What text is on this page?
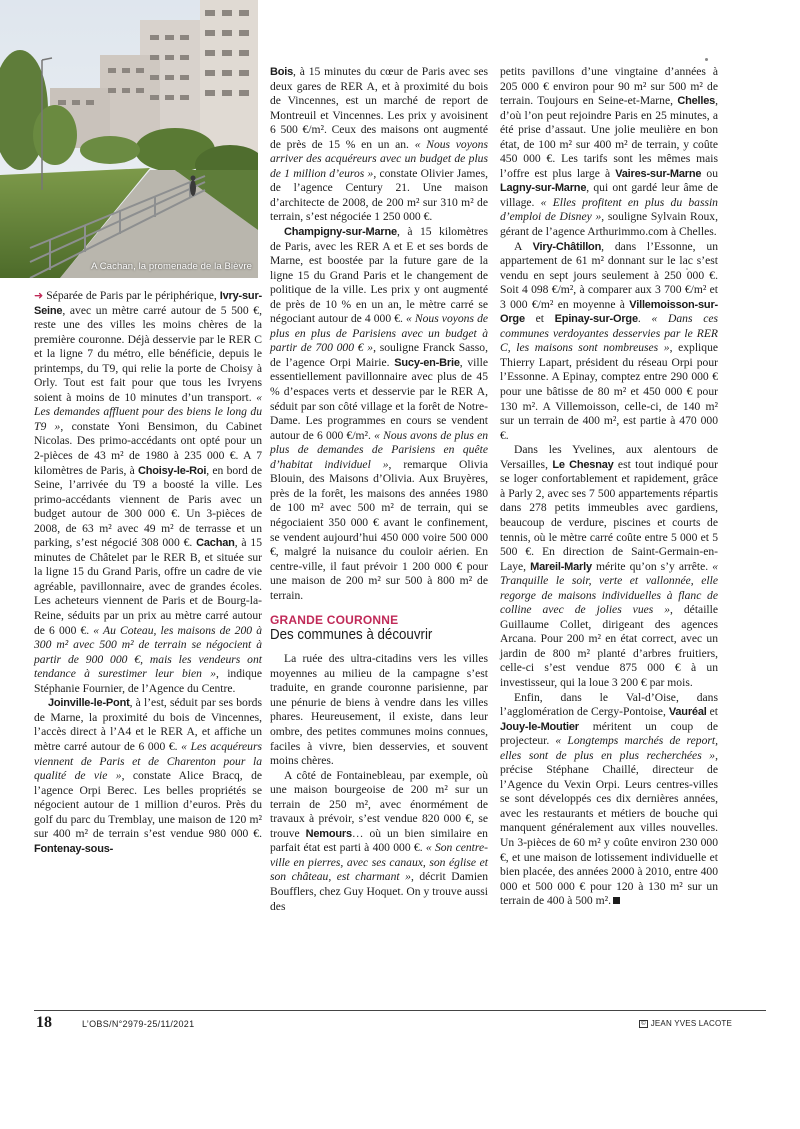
A Cachan, la promenade de la Bièvre

➜ Séparée de Paris par le périphérique, Ivry-sur-Seine, avec un mètre carré autour de 5 500 €, reste une des villes les moins chères de la première couronne. Déjà desservie par le RER C et la ligne 7 du métro, elle bénéficie, depuis le printemps, du T9, qui relie la porte de Choisy à Orly. Tout est fait pour que tous les Ivryens soient à moins de 10 minutes d’un transport. « Les demandes affluent pour des biens le long du T9 », constate Yoni Bensimon, du Cabinet Nicolas. Des primo-accédants ont opté pour un 2-pièces de 43 m² de 1980 à 235 000 €. A 7 kilomètres de Paris, à Choisy-le-Roi, en bord de Seine, l’arrivée du T9 a boosté la ville. Les primo-accédants viennent de Paris avec un budget autour de 300 000 €. Un 3-pièces de 2008, de 63 m² avec 49 m² de terrasse et un parking, s’est négocié 308 000 €. Cachan, à 15 minutes de Châtelet par le RER B, et située sur la ligne 15 du Grand Paris, offre un cadre de vie agréable, pavillonnaire, avec de grandes écoles. Les acheteurs viennent de Paris et de Bourg-la-Reine, séduits par un prix au mètre carré autour de 6 000 €. « Au Coteau, les maisons de 200 à 300 m² avec 500 m² de terrain se négocient à partir de 900 000 €, mais les vendeurs ont tendance à surestimer leur bien », indique Stéphanie Fournier, de l’Agence du Centre.

Joinville-le-Pont, à l’est, séduit par ses bords de Marne, la proximité du bois de Vincennes, l’accès direct à l’A4 et le RER A, et affiche un mètre carré autour de 6 000 €. « Les acquéreurs viennent de Paris et de Charenton pour la qualité de vie », constate Alice Bracq, de l’agence Orpi Berec. Les belles propriétés se négocient autour de 1 million d’euros. Près du golf du parc du Tremblay, une maison de 120 m² sur 400 m² de terrain s’est vendue 980 000 €. Fontenay-sous-

Bois, à 15 minutes du cœur de Paris avec ses deux gares de RER A, et à proximité du bois de Vincennes, est un marché de report de Montreuil et Vincennes. Les prix y avoisinent 6 500 €/m². Ceux des maisons ont augmenté de près de 15 % en un an. « Nous voyons arriver des acquéreurs avec un budget de plus de 1 million d’euros », constate Olivier James, de l’agence Century 21. Une maison d’architecte de 2008, de 200 m² sur 310 m² de terrain, s’est négociée 1 250 000 €.

Champigny-sur-Marne, à 15 kilomètres de Paris, avec les RER A et E et ses bords de Marne, est boostée par la future gare de la ligne 15 du Grand Paris et le changement de politique de la ville. Les prix y ont augmenté de près de 10 % en un an, le mètre carré se négociant autour de 4 000 €. « Nous voyons de plus en plus de Parisiens avec un budget à partir de 700 000 € », souligne Franck Sasso, de l’agence Orpi Mairie. Sucy-en-Brie, ville essentiellement pavillonnaire avec plus de 45 % d’espaces verts et desservie par le RER A, séduit par son côté village et la forêt de Notre-Dame. Les programmes en cours se vendent autour de 6 000 €/m². « Nous avons de plus en plus de demandes de Parisiens en quête d’habitat individuel », remarque Olivia Blouin, des Maisons d’Olivia. Aux Bruyères, près de la forêt, les maisons des années 1980 de 100 m² avec 500 m² de terrain, qui se négociaient 350 000 € avant le confinement, se vendent aujourd’hui 450 000 voire 500 000 €, malgré la nuisance du couloir aérien. En centre-ville, il faut prévoir 1 200 000 € pour une maison de 200 m² sur 500 à 800 m² de terrain.

GRANDE COURONNE
Des communes à découvrir

La ruée des ultra-citadins vers les villes moyennes au milieu de la campagne s’est traduite, en grande couronne parisienne, par une pénurie de biens à vendre dans les villes phares. Heureusement, il existe, dans leur ombre, des petites communes moins connues, faciles à vivre, bien desservies, et souvent moins chères.

A côté de Fontainebleau, par exemple, où une maison bourgeoise de 200 m² sur un terrain de 250 m², avec énormément de travaux à prévoir, s’est vendue 820 000 €, se trouve Nemours… où un bien similaire en parfait état est parti à 400 000 €. « Son centre-ville en pierres, avec ses canaux, son église et son château, est charmant », décrit Damien Boufflers, chez Guy Hoquet. On y trouve aussi des

petits pavillons d’une vingtaine d’années à 205 000 € environ pour 90 m² sur 500 m² de terrain. Toujours en Seine-et-Marne, Chelles, d’où l’on peut rejoindre Paris en 25 minutes, a été prise d’assaut. Une jolie meulière en bon état, de 100 m² sur 400 m² de terrain, y coûte 450 000 €. Les tarifs sont les mêmes mais l’offre est plus large à Vaires-sur-Marne ou Lagny-sur-Marne, qui ont gardé leur âme de village. « Elles profitent en plus du bassin d’emploi de Disney », souligne Sylvain Roux, gérant de l’agence Arthurimmo.com à Chelles.

A Viry-Châtillon, dans l’Essonne, un appartement de 61 m² donnant sur le lac s’est vendu en sept jours seulement à 250 000 €. Soit 4 098 €/m², à comparer aux 3 700 €/m² et 3 000 €/m² en moyenne à Villemoisson-sur-Orge et Epinay-sur-Orge. « Dans ces communes verdoyantes desservies par le RER C, les maisons sont nombreuses », explique Thierry Lapart, président du réseau Orpi pour l’Essonne. A Epinay, comptez entre 290 000 € pour une bâtisse de 80 m² et 450 000 € pour 130 m². A Villemoisson, celle-ci, de 140 m² sur un terrain de 400 m², est partie à 470 000 €.

Dans les Yvelines, aux alentours de Versailles, Le Chesnay est tout indiqué pour se loger confortablement et rapidement, grâce à Parly 2, avec ses 7 500 appartements répartis dans 278 petits immeubles avec gardiens, beaucoup de verdure, piscines et courts de tennis, où le mètre carré coûte entre 5 000 et 5 500 €. En direction de Saint-Germain-en-Laye, Mareil-Marly mérite qu’on s’y arrête. « Tranquille le soir, verte et vallonnée, elle regorge de maisons individuelles à flanc de colline avec de jolies vues », détaille Guillaume Collet, dirigeant des agences Arcana. Pour 200 m² en état correct, avec un jardin de 800 m² planté d’arbres fruitiers, celle-ci s’est vendue 875 000 € à un investisseur, qui la loue 3 200 € par mois.

Enfin, dans le Val-d’Oise, dans l’agglomération de Cergy-Pontoise, Vauréal et Jouy-le-Moutier méritent un coup de projecteur. « Longtemps marchés de report, elles sont de plus en plus recherchées », précise Stéphane Chaillé, directeur de l’Agence du Vexin Orpi. Leurs centres-villes se sont développés ces dix dernières années, avec les restaurants et métiers de bouche qui manquent généralement aux villes nouvelles. Un 3-pièces de 60 m² y coûte environ 230 000 €, et une maison de lotissement individuelle et bien placée, des années 2000 à 2010, entre 400 000 et 500 000 € pour 120 à 130 m² sur un terrain de 400 à 500 m².

18	L’OBS/N°2979-25/11/2021	© JEAN YVES LACOTE
